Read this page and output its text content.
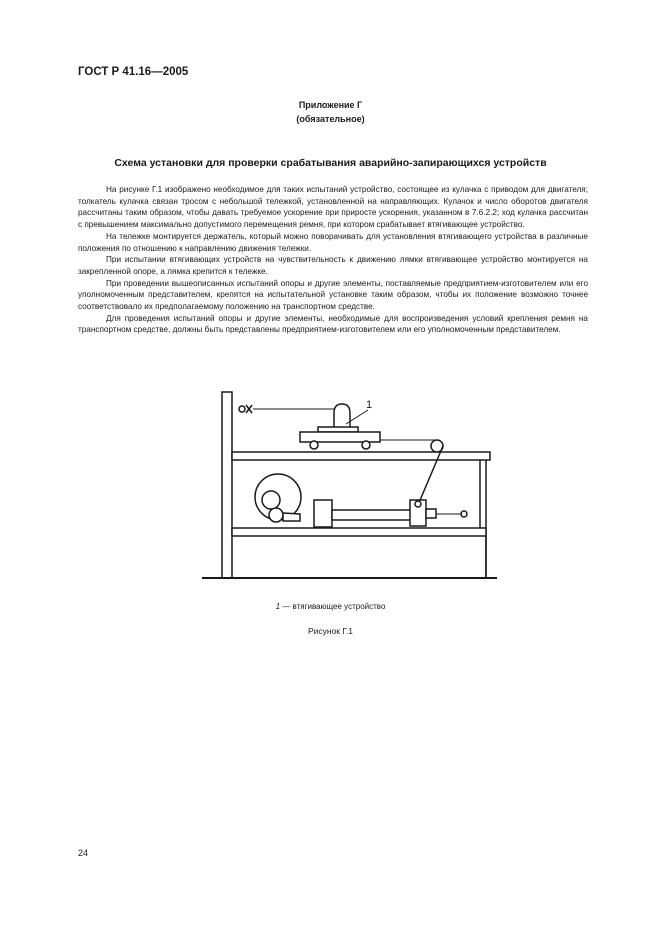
ГОСТ Р 41.16—2005
Приложение Г
(обязательное)
Схема установки для проверки срабатывания аварийно-запирающихся устройств

На рисунке Г.1 изображено необходимое для таких испытаний устройство, состоящее из кулачка с приводом для двигателя; толкатель кулачка связан тросом с небольшой тележкой, установленной на направляющих. Кулачок и число оборотов двигателя рассчитаны таким образом, чтобы давать требуемое ускорение при приросте ускорения, указанном в 7.6.2.2; ход кулачка рассчитан с превышением максимально допустимого перемещения ремня, при котором срабатывает втягивающее устройство.

На тележке монтируется держатель, который можно поворачивать для установления втягивающего устройства в различные положения по отношению к направлению движения тележки.

При испытании втягивающих устройств на чувствительность к движению лямки втягивающее устройство монтируется на закрепленной опоре, а лямка крепится к тележке.

При проведении вышеописанных испытаний опоры и другие элементы, поставляемые предприятием-изготовителем или его уполномоченным представителем, крепятся на испытательной установке таким образом, чтобы их положение возможно точнее соответствовало их предполагаемому положению на транспортном средстве.

Для проведения испытаний опоры и другие элементы, необходимые для воспроизведения условий крепления ремня на транспортном средстве, должны быть представлены предприятием-изготовителем или его уполномоченным представителем.

1
1 — втягивающее устройство
Рисунок Г.1
24
